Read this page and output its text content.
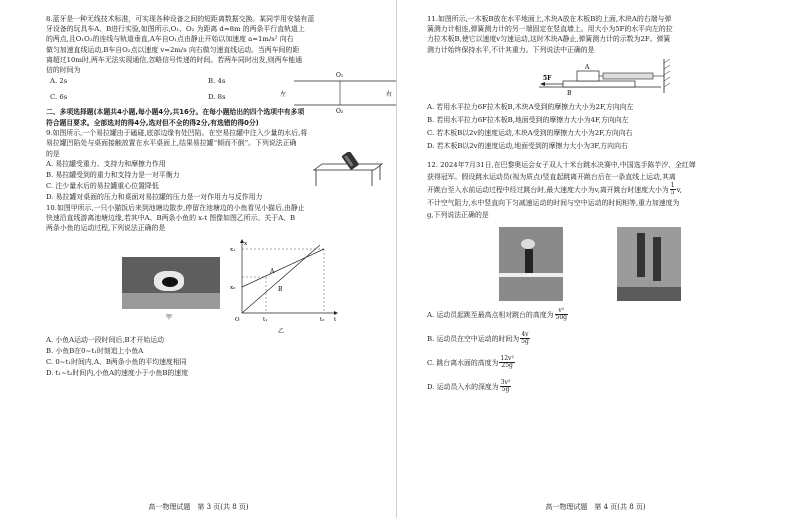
8.蓝牙是一种无线技术标准，可实现各种设备之间的短距离数据交换。某同学用安装有蓝

牙设备的玩具车A、B进行实验,如图所示,O₁、O₂ 为距离 d=8m 的两条平行直轨道上

的两点,且O₁O₂的连线与轨道垂直,A车自O₁点由静止开始以加速度 a=1m/s² 向右

做匀加速直线运动,B车自O₂点以速度 v=2m/s 向右做匀速直线运动。当两车间的距

离超过10m时,两车无法实现通信,忽略信号传递的时间。若两车同时出发,则两车能通

信的时间为

A. 2s	B. 4s

C. 6s	D. 8s

O₁
O₂
左	右

二、多项选择题(本题共4小题,每小题4分,共16分。在每小题给出的四个选项中有多项

符合题目要求。全部选对的得4分,选对但不全的得2分,有选错的得0分)

9.如图所示,一个易拉罐由于磕碰,底部边缘有处凹陷。在空易拉罐中注入少量的水后,将

易拉罐凹陷处与桌面接触放置在水平桌面上,结果易拉罐“倾而不倒”。下列说法正确

的是

A. 易拉罐受重力、支持力和摩擦力作用

B. 易拉罐受到的重力和支持力是一对平衡力

C. 注少量水后的易拉罐重心位置降低

D. 易拉罐对桌面的压力和桌面对易拉罐的压力是一对作用力与反作用力

10.如图甲所示,一只小猫饭后来到池塘边散步,停留在池塘边的小鱼看见小猫后,由静止

快速沿直线游离池塘边缘,若其中A、B两条小鱼的 x-t 图像如图乙所示。关于A、B

两条小鱼的运动过程,下列说法正确的是

甲
x₁
x₀
x
t
O	t₁	t₂
A
B
乙

A. 小鱼A运动一段时间后,B才开始运动

B. 小鱼B在0~t₁时刻追上小鱼A

C. 0~t₁时间内,A、B两条小鱼的平均速度相同

D. t₁~t₂时间内,小鱼A的速度小于小鱼B的速度

高一物理试题　第 3 页(共 8 页)

11.如图所示,一木板B放在水平地面上,木块A放在木板B的上面,木块A的右端与弹

簧测力计相连,弹簧测力计的另一端固定在竖直墙上。用大小为5F的水平向左的拉

力拉木板B,使它以速度v匀速运动,这时木块A静止,弹簧测力计的示数为2F。弹簧

测力计始终保持水平,不计其重力。下列说法中正确的是

5F
A
B

A. 若用水平拉力6F拉木板B,木块A受到的摩擦力大小为2F,方向向左

B. 若用水平拉力6F拉木板B,地面受到的摩擦力大小为4F,方向向左

C. 若木板B以2v的速度运动,木块A受到的摩擦力大小为2F,方向向右

D. 若木板B以2v的速度运动,地面受到的摩擦力大小为3F,方向向右

12. 2024年7月31日,在巴黎奥运会女子双人十米台跳水决赛中,中国选手陈芋汐、全红婵

获得冠军。假设跳水运动员(视为质点)竖直起跳离开跳台后在一条直线上运动,其离

开跳台至入水前运动过程中经过跳台时,最大速度大小为v,离开跳台时速度大小为 $\frac{1}{5} v$,

不计空气阻力,水中竖直向下匀减速运动的时间与空中运动的时间相等,重力加速度为

g,下列说法正确的是

A. 运动员起跳至最高点相对跳台的高度为 $\frac{\text{v²}}{50g}$

B. 运动员在空中运动的时间为 $\frac{4v}{5g}$

C. 跳台离水面的高度为 $\frac{\text{12v²}}{25g}$

D. 运动员入水的深度为 $\frac{\text{3v²}}{5g}$

高一物理试题　第 4 页(共 8 页)
